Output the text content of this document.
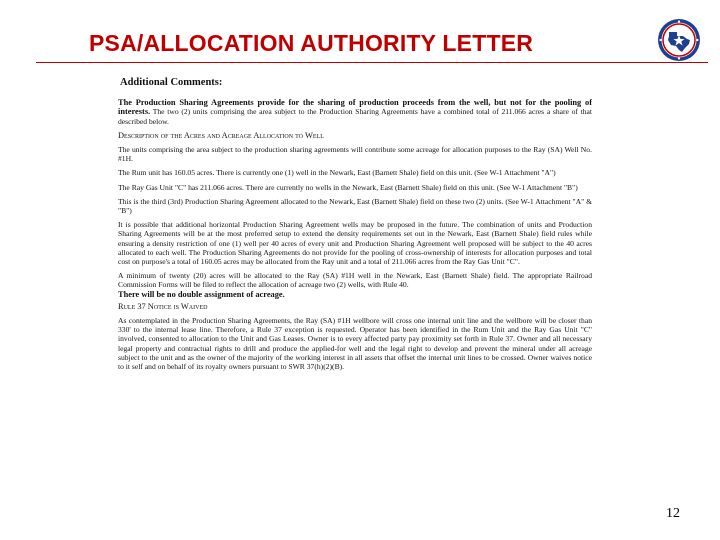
PSA/ALLOCATION AUTHORITY LETTER
Additional Comments:

The Production Sharing Agreements provide for the sharing of production proceeds from the well, but not for the pooling of interests. The two (2) units comprising the area subject to the Production Sharing Agreements have a combined total of 211.066 acres a share of that described below.

Description of the Acres and Acreage Allocation to Well

The units comprising the area subject to the production sharing agreements will contribute some acreage for allocation purposes to the Ray (SA) Well No. #1H.

The Rum unit has 160.05 acres. There is currently one (1) well in the Newark, East (Barnett Shale) field on this unit. (See W-1 Attachment "A")

The Ray Gas Unit "C" has 211.066 acres. There are currently no wells in the Newark, East (Barnett Shale) field on this unit. (See W-1 Attachment "B")

This is the third (3rd) Production Sharing Agreement allocated to the Newark, East (Barnett Shale) field on these two (2) units. (See W-1 Attachment "A" & "B")

It is possible that additional horizontal Production Sharing Agreement wells may be proposed in the future. The combination of units and Production Sharing Agreements will be at the most preferred setup to extend the density requirements set out in the Newark, East (Barnett Shale) field rules while ensuring a density restriction of one (1) well per 40 acres of every unit and Production Sharing Agreement well proposed will be subject to the 40 acres allocated to each well. The Production Sharing Agreements do not provide for the pooling of cross-ownership of interests for allocation purposes and total cost on purpose's a total of 160.05 acres may be allocated from the Ray unit and a total of 211.066 acres from the Ray Gas Unit "C".

A minimum of twenty (20) acres will be allocated to the Ray (SA) #1H well in the Newark, East (Barnett Shale) field. The appropriate Railroad Commission Forms will be filed to reflect the allocation of acreage two (2) wells, with Rule 40.

There will be no double assignment of acreage.

Rule 37 Notice is Waived

As contemplated in the Production Sharing Agreements, the Ray (SA) #1H wellbore will cross one internal unit line and the wellbore will be closer than 330' to the internal lease line. Therefore, a Rule 37 exception is requested. Operator has been identified in the Rum Unit and the Ray Gas Unit "C" involved, consented to allocation to the Unit and Gas Leases. Owner is to every affected party pay proximity set forth in Rule 37. Owner and all necessary legal property and contractual rights to drill and produce the applied-for well and the legal right to develop and prevent the mineral under all acreage subject to the unit and as the owner of the majority of the working interest in all assets that offset the internal unit lines to be crossed. Owner waives notice to it self and on behalf of its royalty owners pursuant to SWR 37(h)(2)(B).

12
